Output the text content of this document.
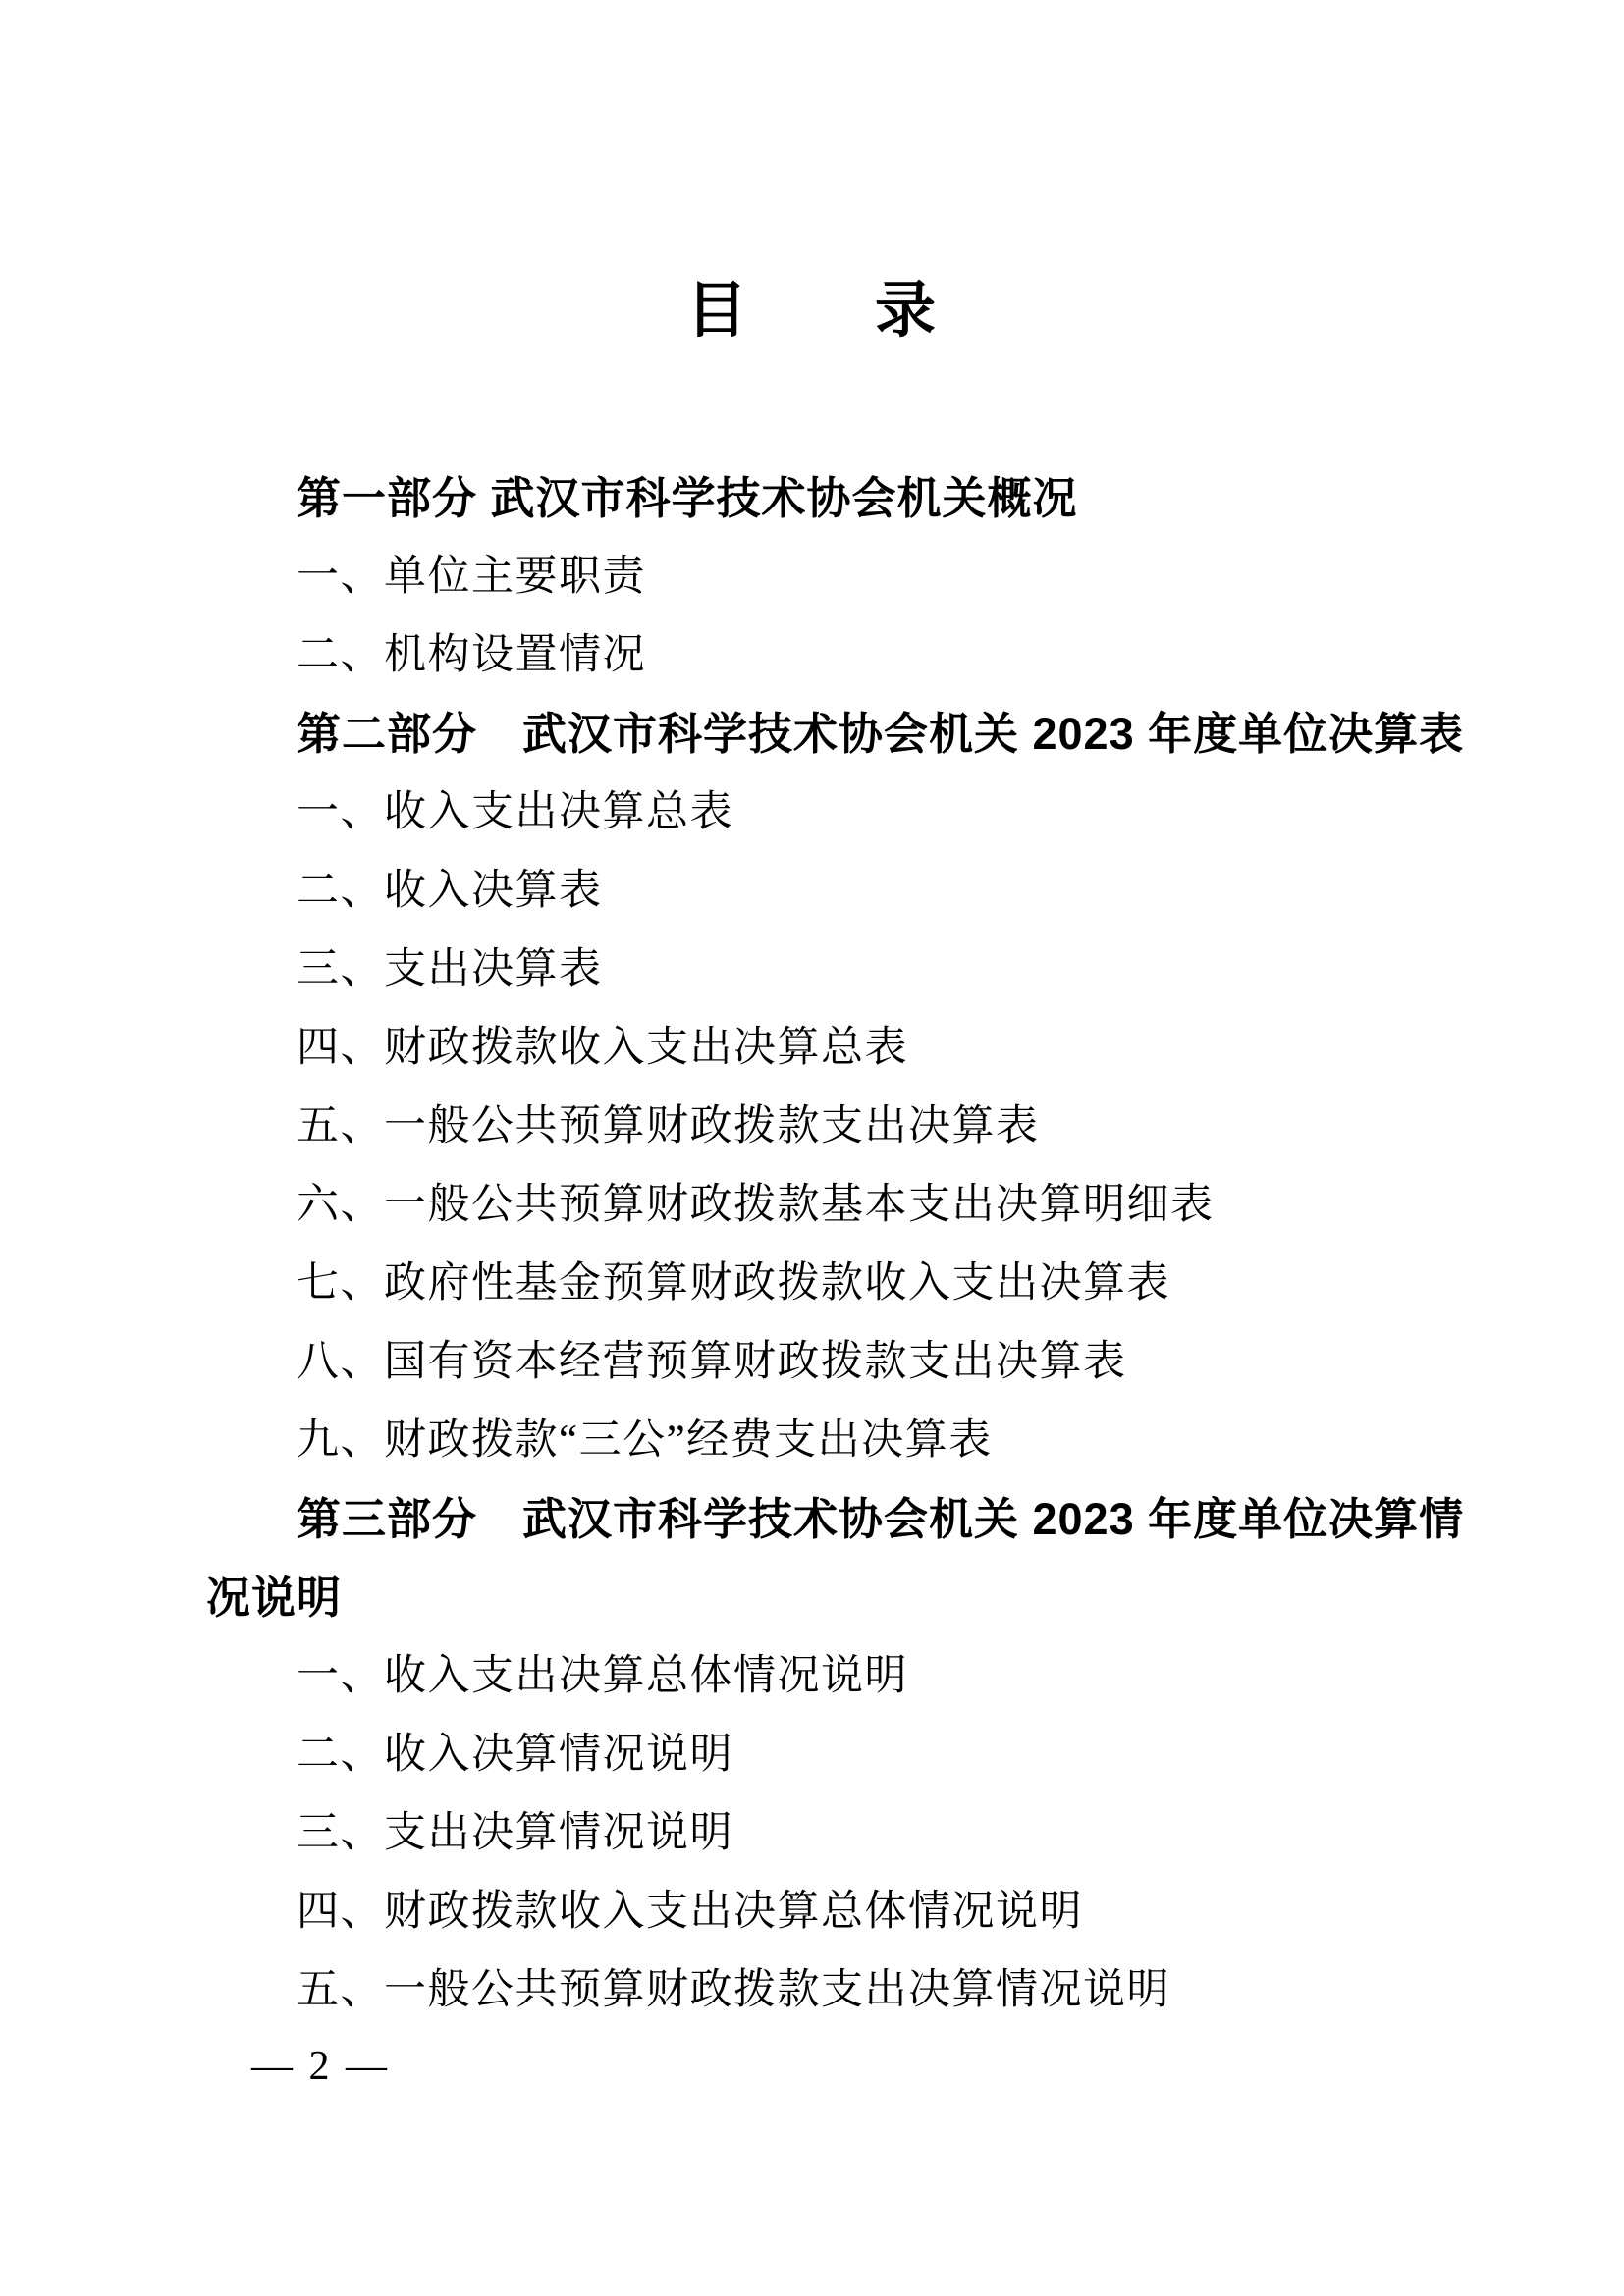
目　　录

第一部分 武汉市科学技术协会机关概况

一、单位主要职责

二、机构设置情况

第二部分　武汉市科学技术协会机关 2023 年度单位决算表

一、收入支出决算总表

二、收入决算表

三、支出决算表

四、财政拨款收入支出决算总表

五、一般公共预算财政拨款支出决算表

六、一般公共预算财政拨款基本支出决算明细表

七、政府性基金预算财政拨款收入支出决算表

八、国有资本经营预算财政拨款支出决算表

九、财政拨款“三公”经费支出决算表

第三部分　武汉市科学技术协会机关 2023 年度单位决算情

况说明

一、收入支出决算总体情况说明

二、收入决算情况说明

三、支出决算情况说明

四、财政拨款收入支出决算总体情况说明

五、一般公共预算财政拨款支出决算情况说明

— 2 —
